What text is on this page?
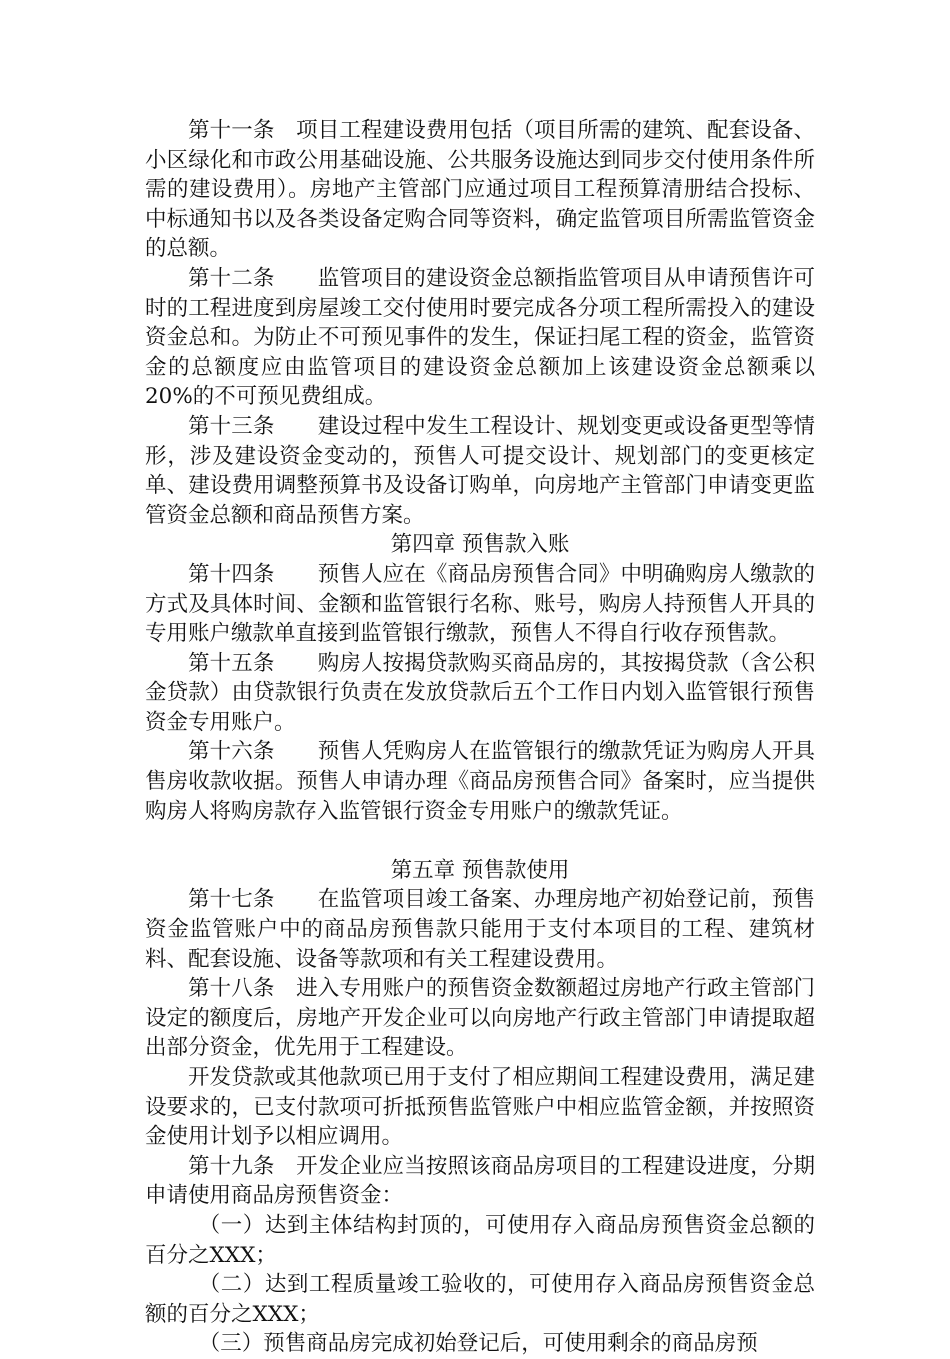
第十一条　项目工程建设费用包括（项目所需的建筑、配套设备、小区绿化和市政公用基础设施、公共服务设施达到同步交付使用条件所需的建设费用）。房地产主管部门应通过项目工程预算清册结合投标、中标通知书以及各类设备定购合同等资料，确定监管项目所需监管资金的总额。

第十二条　　监管项目的建设资金总额指监管项目从申请预售许可时的工程进度到房屋竣工交付使用时要完成各分项工程所需投入的建设资金总和。为防止不可预见事件的发生，保证扫尾工程的资金，监管资金的总额度应由监管项目的建设资金总额加上该建设资金总额乘以20%的不可预见费组成。

第十三条　　建设过程中发生工程设计、规划变更或设备更型等情形，涉及建设资金变动的，预售人可提交设计、规划部门的变更核定单、建设费用调整预算书及设备订购单，向房地产主管部门申请变更监管资金总额和商品预售方案。

第四章 预售款入账

第十四条　　预售人应在《商品房预售合同》中明确购房人缴款的方式及具体时间、金额和监管银行名称、账号，购房人持预售人开具的专用账户缴款单直接到监管银行缴款，预售人不得自行收存预售款。

第十五条　　购房人按揭贷款购买商品房的，其按揭贷款（含公积金贷款）由贷款银行负责在发放贷款后五个工作日内划入监管银行预售资金专用账户。

第十六条　　预售人凭购房人在监管银行的缴款凭证为购房人开具售房收款收据。预售人申请办理《商品房预售合同》备案时，应当提供购房人将购房款存入监管银行资金专用账户的缴款凭证。

第五章 预售款使用

第十七条　　在监管项目竣工备案、办理房地产初始登记前，预售资金监管账户中的商品房预售款只能用于支付本项目的工程、建筑材料、配套设施、设备等款项和有关工程建设费用。

第十八条　进入专用账户的预售资金数额超过房地产行政主管部门设定的额度后，房地产开发企业可以向房地产行政主管部门申请提取超出部分资金，优先用于工程建设。

开发贷款或其他款项已用于支付了相应期间工程建设费用，满足建设要求的，已支付款项可折抵预售监管账户中相应监管金额，并按照资金使用计划予以相应调用。

第十九条　开发企业应当按照该商品房项目的工程建设进度，分期申请使用商品房预售资金：

（一）达到主体结构封顶的，可使用存入商品房预售资金总额的百分之XXX；

（二）达到工程质量竣工验收的，可使用存入商品房预售资金总额的百分之XXX；

（三）预售商品房完成初始登记后，可使用剩余的商品房预
